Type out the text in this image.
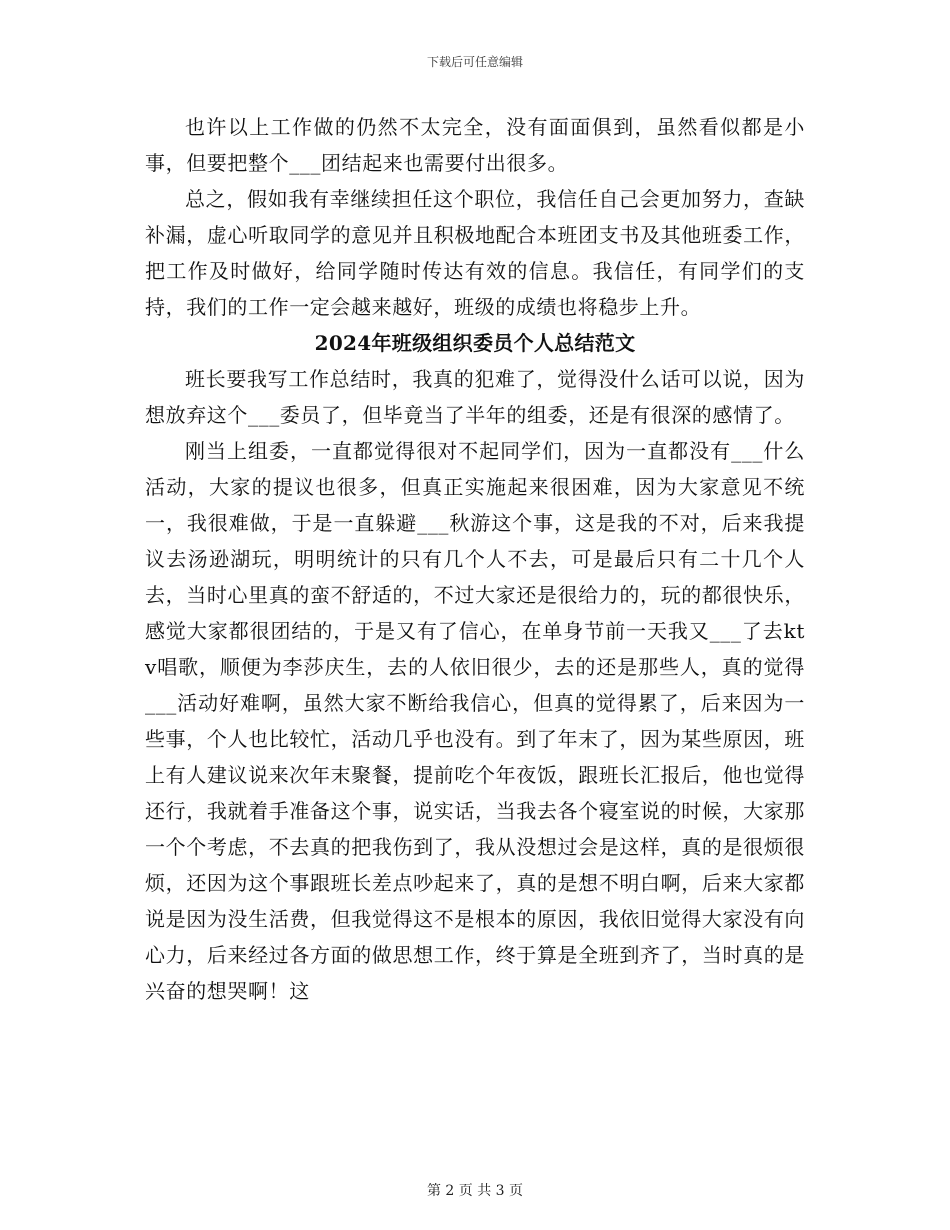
下载后可任意编辑

也许以上工作做的仍然不太完全，没有面面俱到，虽然看似都是小事，但要把整个___团结起来也需要付出很多。

总之，假如我有幸继续担任这个职位，我信任自己会更加努力，查缺补漏，虚心听取同学的意见并且积极地配合本班团支书及其他班委工作，把工作及时做好，给同学随时传达有效的信息。我信任，有同学们的支持，我们的工作一定会越来越好，班级的成绩也将稳步上升。

2024年班级组织委员个人总结范文

班长要我写工作总结时，我真的犯难了，觉得没什么话可以说，因为想放弃这个___委员了，但毕竟当了半年的组委，还是有很深的感情了。

刚当上组委，一直都觉得很对不起同学们，因为一直都没有___什么活动，大家的提议也很多，但真正实施起来很困难，因为大家意见不统一，我很难做，于是一直躲避___秋游这个事，这是我的不对，后来我提议去汤逊湖玩，明明统计的只有几个人不去，可是最后只有二十几个人去，当时心里真的蛮不舒适的，不过大家还是很给力的，玩的都很快乐，感觉大家都很团结的，于是又有了信心，在单身节前一天我又___了去ktv唱歌，顺便为李莎庆生，去的人依旧很少，去的还是那些人，真的觉得___活动好难啊，虽然大家不断给我信心，但真的觉得累了，后来因为一些事，个人也比较忙，活动几乎也没有。到了年末了，因为某些原因，班上有人建议说来次年末聚餐，提前吃个年夜饭，跟班长汇报后，他也觉得还行，我就着手准备这个事，说实话，当我去各个寝室说的时候，大家那一个个考虑，不去真的把我伤到了，我从没想过会是这样，真的是很烦很烦，还因为这个事跟班长差点吵起来了，真的是想不明白啊，后来大家都说是因为没生活费，但我觉得这不是根本的原因，我依旧觉得大家没有向心力，后来经过各方面的做思想工作，终于算是全班到齐了，当时真的是兴奋的想哭啊！这

第 2 页 共 3 页
